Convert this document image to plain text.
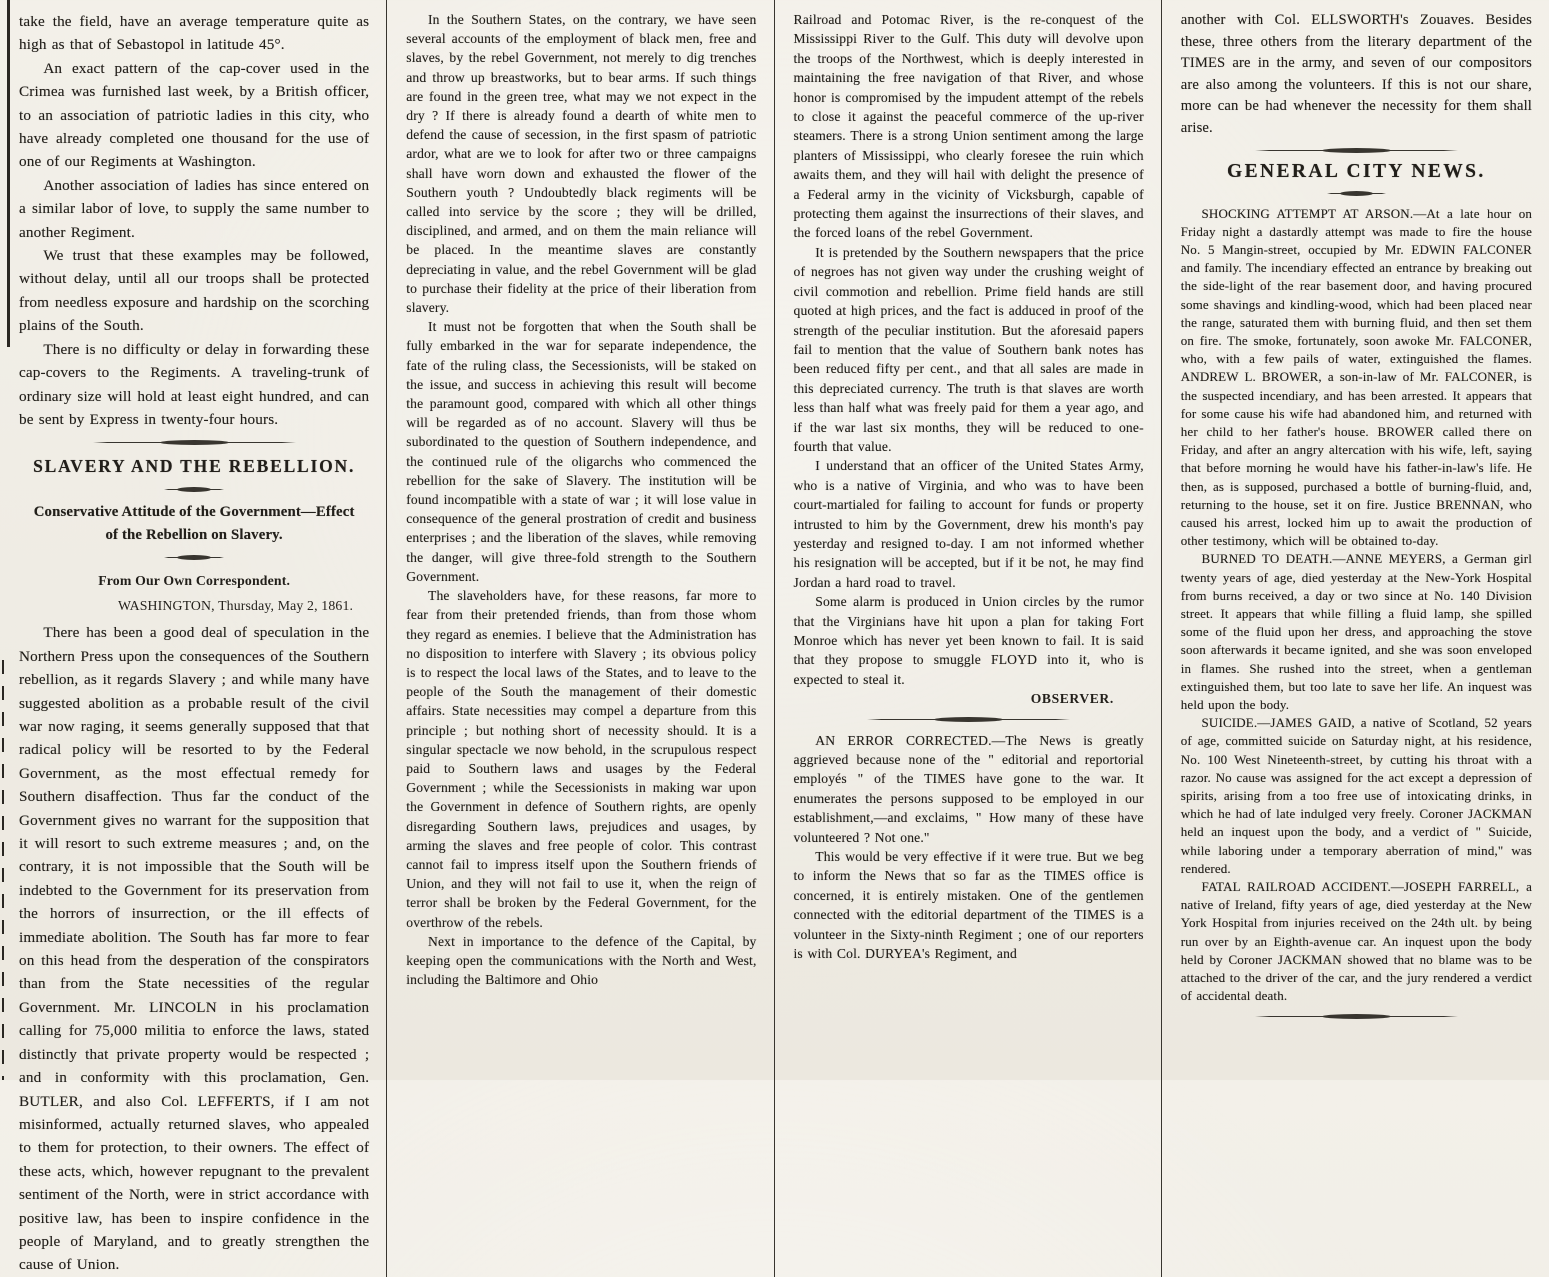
take the field, have an average temperature quite as high as that of Sebastopol in latitude 45°.

An exact pattern of the cap-cover used in the Crimea was furnished last week, by a British officer, to an association of patriotic ladies in this city, who have already completed one thousand for the use of one of our Regiments at Washington.

Another association of ladies has since entered on a similar labor of love, to supply the same number to another Regiment.

We trust that these examples may be followed, without delay, until all our troops shall be protected from needless exposure and hardship on the scorching plains of the South.

There is no difficulty or delay in forwarding these cap-covers to the Regiments. A traveling-trunk of ordinary size will hold at least eight hundred, and can be sent by Express in twenty-four hours.

SLAVERY AND THE REBELLION.
Conservative Attitude of the Government—Effect of the Rebellion on Slavery.
From Our Own Correspondent.
WASHINGTON, Thursday, May 2, 1861.

There has been a good deal of speculation in the Northern Press upon the consequences of the Southern rebellion, as it regards Slavery ; and while many have suggested abolition as a probable result of the civil war now raging, it seems generally supposed that that radical policy will be resorted to by the Federal Government, as the most effectual remedy for Southern disaffection. Thus far the conduct of the Government gives no warrant for the supposition that it will resort to such extreme measures ; and, on the contrary, it is not impossible that the South will be indebted to the Government for its preservation from the horrors of insurrection, or the ill effects of immediate abolition. The South has far more to fear on this head from the desperation of the conspirators than from the State necessities of the regular Government. Mr. LINCOLN in his proclamation calling for 75,000 militia to enforce the laws, stated distinctly that private property would be respected ; and in conformity with this proclamation, Gen. BUTLER, and also Col. LEFFERTS, if I am not misinformed, actually returned slaves, who appealed to them for protection, to their owners. The effect of these acts, which, however repugnant to the prevalent sentiment of the North, were in strict accordance with positive law, has been to inspire confidence in the people of Maryland, and to greatly strengthen the cause of Union.

In the Southern States, on the contrary, we have seen several accounts of the employment of black men, free and slaves, by the rebel Government, not merely to dig trenches and throw up breastworks, but to bear arms. If such things are found in the green tree, what may we not expect in the dry ? If there is already found a dearth of white men to defend the cause of secession, in the first spasm of patriotic ardor, what are we to look for after two or three campaigns shall have worn down and exhausted the flower of the Southern youth ? Undoubtedly black regiments will be called into service by the score ; they will be drilled, disciplined, and armed, and on them the main reliance will be placed. In the meantime slaves are constantly depreciating in value, and the rebel Government will be glad to purchase their fidelity at the price of their liberation from slavery.

It must not be forgotten that when the South shall be fully embarked in the war for separate independence, the fate of the ruling class, the Secessionists, will be staked on the issue, and success in achieving this result will become the paramount good, compared with which all other things will be regarded as of no account. Slavery will thus be subordinated to the question of Southern independence, and the continued rule of the oligarchs who commenced the rebellion for the sake of Slavery. The institution will be found incompatible with a state of war ; it will lose value in consequence of the general prostration of credit and business enterprises ; and the liberation of the slaves, while removing the danger, will give three-fold strength to the Southern Government.

The slaveholders have, for these reasons, far more to fear from their pretended friends, than from those whom they regard as enemies. I believe that the Administration has no disposition to interfere with Slavery ; its obvious policy is to respect the local laws of the States, and to leave to the people of the South the management of their domestic affairs. State necessities may compel a departure from this principle ; but nothing short of necessity should. It is a singular spectacle we now behold, in the scrupulous respect paid to Southern laws and usages by the Federal Government ; while the Secessionists in making war upon the Government in defence of Southern rights, are openly disregarding Southern laws, prejudices and usages, by arming the slaves and free people of color. This contrast cannot fail to impress itself upon the Southern friends of Union, and they will not fail to use it, when the reign of terror shall be broken by the Federal Government, for the overthrow of the rebels.

Next in importance to the defence of the Capital, by keeping open the communications with the North and West, including the Baltimore and Ohio

Railroad and Potomac River, is the re-conquest of the Mississippi River to the Gulf. This duty will devolve upon the troops of the Northwest, which is deeply interested in maintaining the free navigation of that River, and whose honor is compromised by the impudent attempt of the rebels to close it against the peaceful commerce of the up-river steamers. There is a strong Union sentiment among the large planters of Mississippi, who clearly foresee the ruin which awaits them, and they will hail with delight the presence of a Federal army in the vicinity of Vicksburgh, capable of protecting them against the insurrections of their slaves, and the forced loans of the rebel Government.

It is pretended by the Southern newspapers that the price of negroes has not given way under the crushing weight of civil commotion and rebellion. Prime field hands are still quoted at high prices, and the fact is adduced in proof of the strength of the peculiar institution. But the aforesaid papers fail to mention that the value of Southern bank notes has been reduced fifty per cent., and that all sales are made in this depreciated currency. The truth is that slaves are worth less than half what was freely paid for them a year ago, and if the war last six months, they will be reduced to one-fourth that value.

I understand that an officer of the United States Army, who is a native of Virginia, and who was to have been court-martialed for failing to account for funds or property intrusted to him by the Government, drew his month's pay yesterday and resigned to-day. I am not informed whether his resignation will be accepted, but if it be not, he may find Jordan a hard road to travel.

Some alarm is produced in Union circles by the rumor that the Virginians have hit upon a plan for taking Fort Monroe which has never yet been known to fail. It is said that they propose to smuggle FLOYD into it, who is expected to steal it.

OBSERVER.

AN ERROR CORRECTED.—The News is greatly aggrieved because none of the " editorial and reportorial employés " of the TIMES have gone to the war. It enumerates the persons supposed to be employed in our establishment,—and exclaims, " How many of these have volunteered ? Not one."

This would be very effective if it were true. But we beg to inform the News that so far as the TIMES office is concerned, it is entirely mistaken. One of the gentlemen connected with the editorial department of the TIMES is a volunteer in the Sixty-ninth Regiment ; one of our reporters is with Col. DURYEA's Regiment, and

another with Col. ELLSWORTH's Zouaves. Besides these, three others from the literary department of the TIMES are in the army, and seven of our compositors are also among the volunteers. If this is not our share, more can be had whenever the necessity for them shall arise.

GENERAL CITY NEWS.

SHOCKING ATTEMPT AT ARSON.—At a late hour on Friday night a dastardly attempt was made to fire the house No. 5 Mangin-street, occupied by Mr. EDWIN FALCONER and family. The incendiary effected an entrance by breaking out the side-light of the rear basement door, and having procured some shavings and kindling-wood, which had been placed near the range, saturated them with burning fluid, and then set them on fire. The smoke, fortunately, soon awoke Mr. FALCONER, who, with a few pails of water, extinguished the flames. ANDREW L. BROWER, a son-in-law of Mr. FALCONER, is the suspected incendiary, and has been arrested. It appears that for some cause his wife had abandoned him, and returned with her child to her father's house. BROWER called there on Friday, and after an angry altercation with his wife, left, saying that before morning he would have his father-in-law's life. He then, as is supposed, purchased a bottle of burning-fluid, and, returning to the house, set it on fire. Justice BRENNAN, who caused his arrest, locked him up to await the production of other testimony, which will be obtained to-day.

BURNED TO DEATH.—ANNE MEYERS, a German girl twenty years of age, died yesterday at the New-York Hospital from burns received, a day or two since at No. 140 Division street. It appears that while filling a fluid lamp, she spilled some of the fluid upon her dress, and approaching the stove soon afterwards it became ignited, and she was soon enveloped in flames. She rushed into the street, when a gentleman extinguished them, but too late to save her life. An inquest was held upon the body.

SUICIDE.—JAMES GAID, a native of Scotland, 52 years of age, committed suicide on Saturday night, at his residence, No. 100 West Nineteenth-street, by cutting his throat with a razor. No cause was assigned for the act except a depression of spirits, arising from a too free use of intoxicating drinks, in which he had of late indulged very freely. Coroner JACKMAN held an inquest upon the body, and a verdict of " Suicide, while laboring under a temporary aberration of mind," was rendered.

FATAL RAILROAD ACCIDENT.—JOSEPH FARRELL, a native of Ireland, fifty years of age, died yesterday at the New York Hospital from injuries received on the 24th ult. by being run over by an Eighth-avenue car. An inquest upon the body held by Coroner JACKMAN showed that no blame was to be attached to the driver of the car, and the jury rendered a verdict of accidental death.
